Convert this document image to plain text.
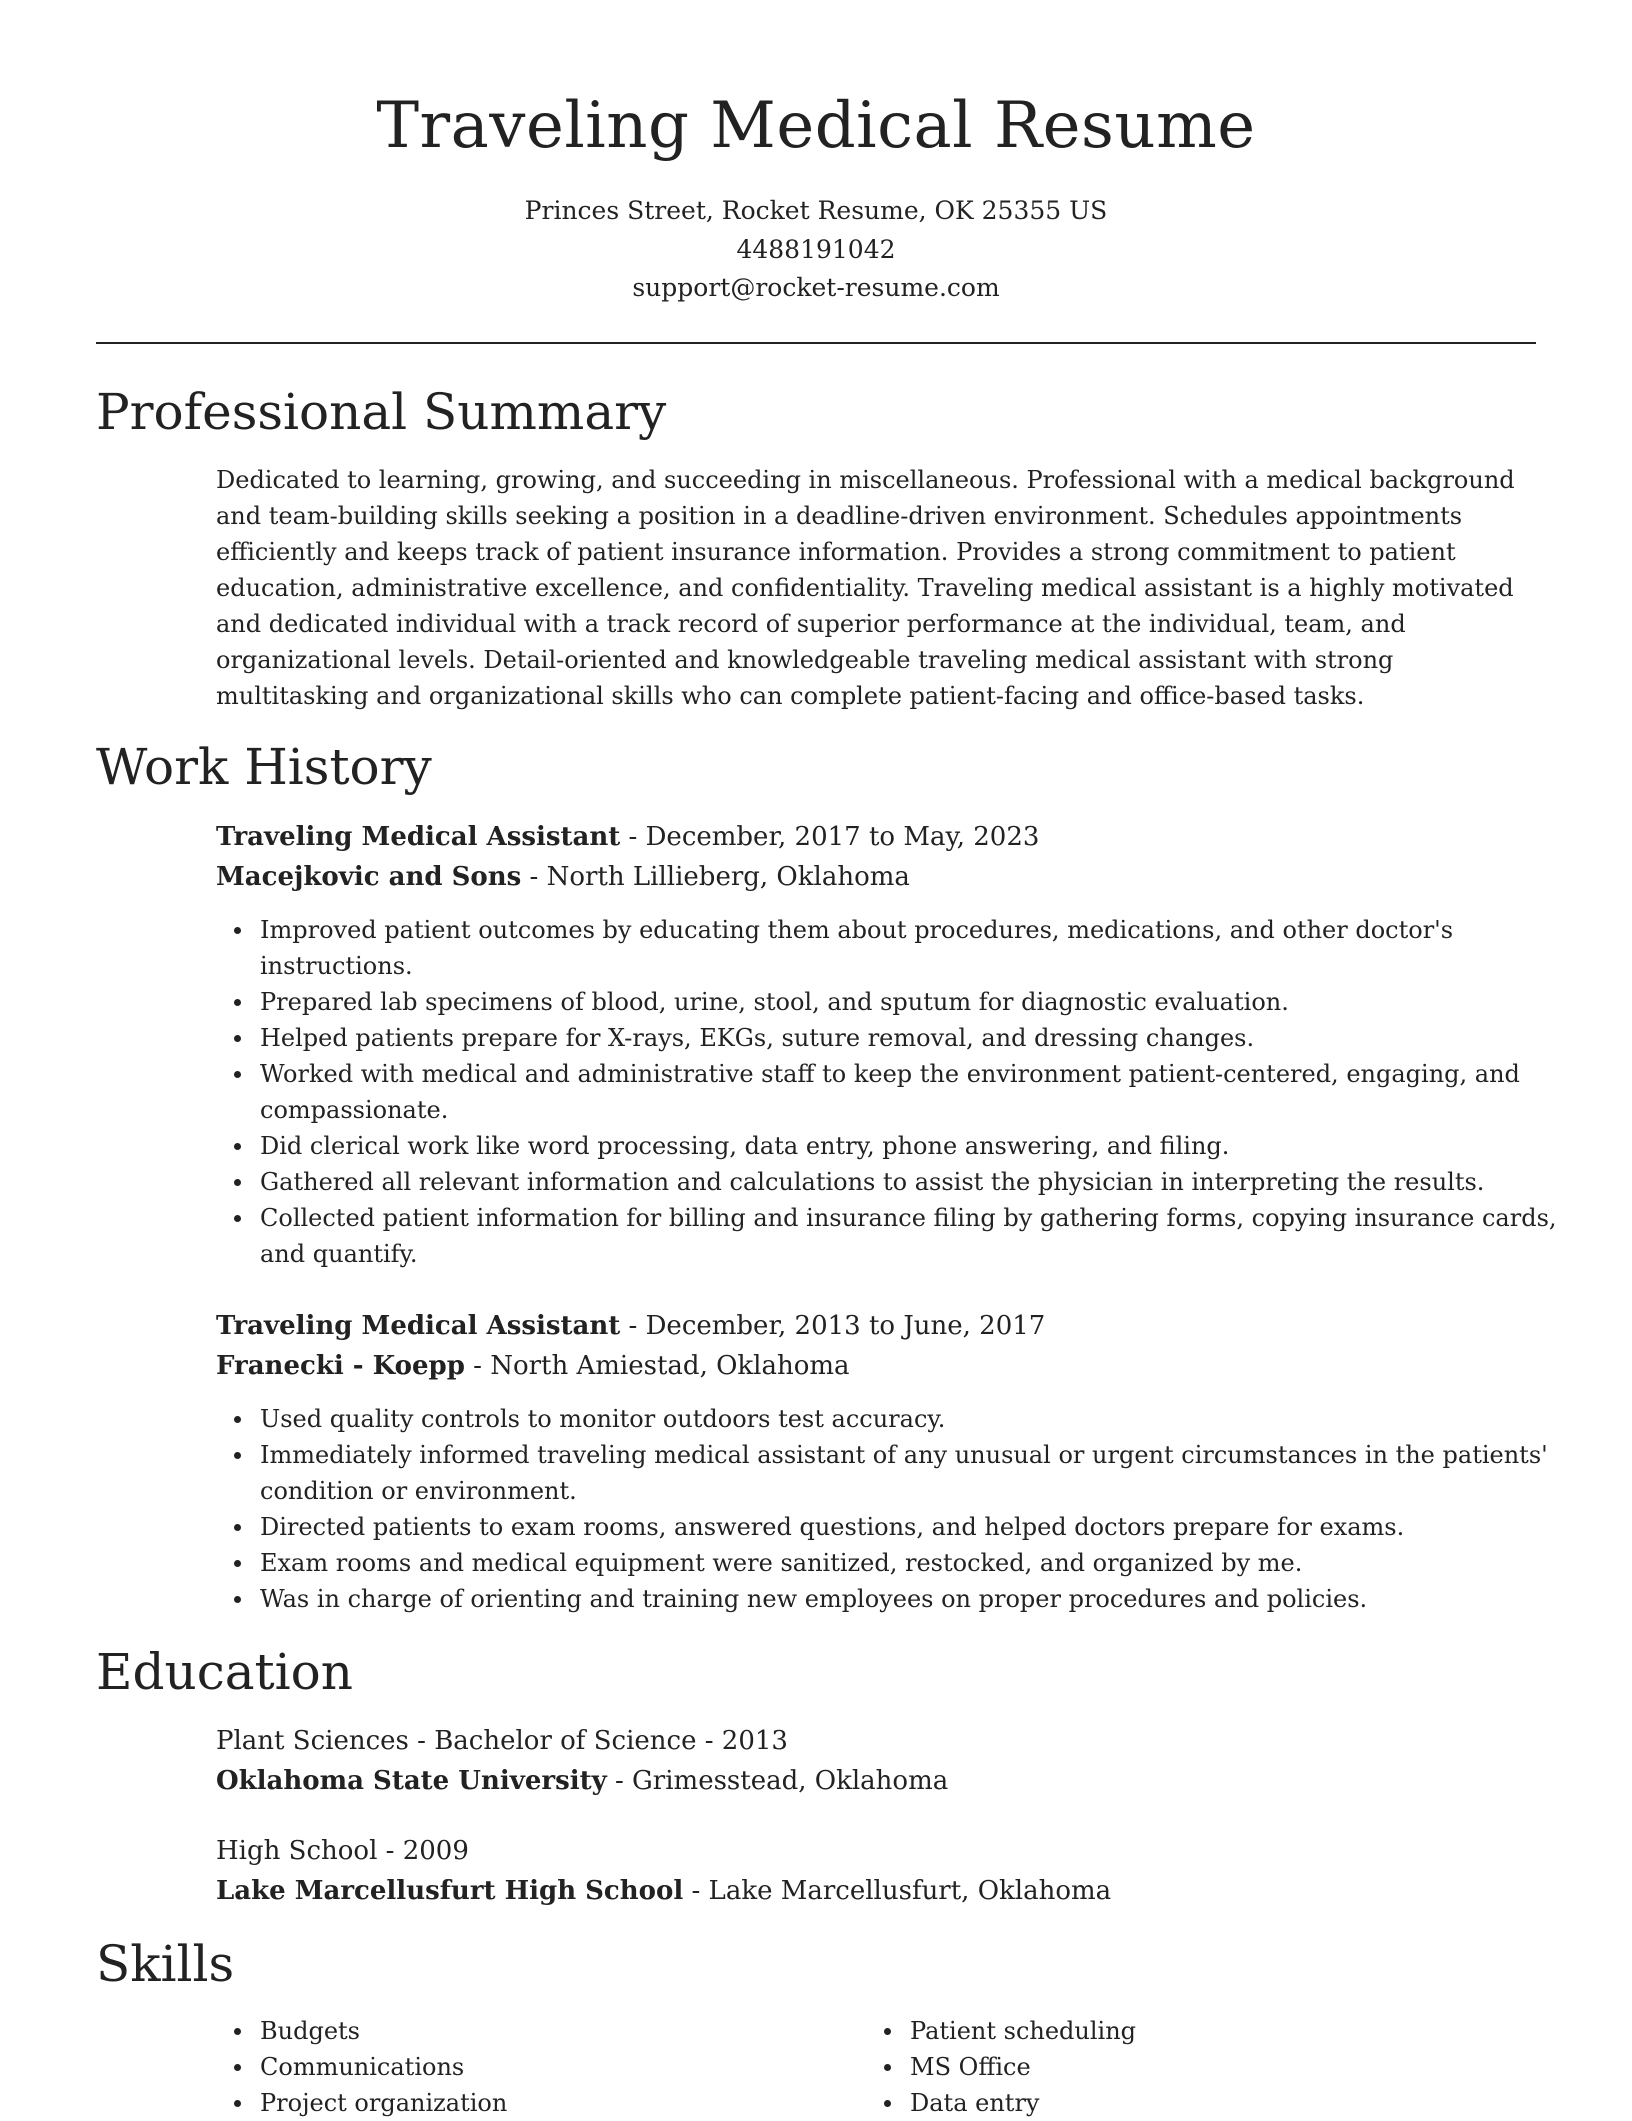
Traveling Medical Resume
Princes Street, Rocket Resume, OK 25355 US
4488191042
support@rocket-resume.com
Professional Summary

Dedicated to learning, growing, and succeeding in miscellaneous. Professional with a medical background and team-building skills seeking a position in a deadline-driven environment. Schedules appointments efficiently and keeps track of patient insurance information. Provides a strong commitment to patient education, administrative excellence, and confidentiality. Traveling medical assistant is a highly motivated and dedicated individual with a track record of superior performance at the individual, team, and organizational levels. Detail-oriented and knowledgeable traveling medical assistant with strong multitasking and organizational skills who can complete patient-facing and office-based tasks.

Work History
Traveling Medical Assistant - December, 2017 to May, 2023
Macejkovic and Sons - North Lillieberg, Oklahoma
Improved patient outcomes by educating them about procedures, medications, and other doctor's instructions.
Prepared lab specimens of blood, urine, stool, and sputum for diagnostic evaluation.
Helped patients prepare for X-rays, EKGs, suture removal, and dressing changes.
Worked with medical and administrative staff to keep the environment patient-centered, engaging, and compassionate.
Did clerical work like word processing, data entry, phone answering, and filing.
Gathered all relevant information and calculations to assist the physician in interpreting the results.
Collected patient information for billing and insurance filing by gathering forms, copying insurance cards, and quantify.
Traveling Medical Assistant - December, 2013 to June, 2017
Franecki - Koepp - North Amiestad, Oklahoma
Used quality controls to monitor outdoors test accuracy.
Immediately informed traveling medical assistant of any unusual or urgent circumstances in the patients' condition or environment.
Directed patients to exam rooms, answered questions, and helped doctors prepare for exams.
Exam rooms and medical equipment were sanitized, restocked, and organized by me.
Was in charge of orienting and training new employees on proper procedures and policies.
Education
Plant Sciences - Bachelor of Science - 2013
Oklahoma State University - Grimesstead, Oklahoma
High School - 2009
Lake Marcellusfurt High School - Lake Marcellusfurt, Oklahoma
Skills
Budgets
Communications
Project organization
Patient scheduling
MS Office
Data entry
